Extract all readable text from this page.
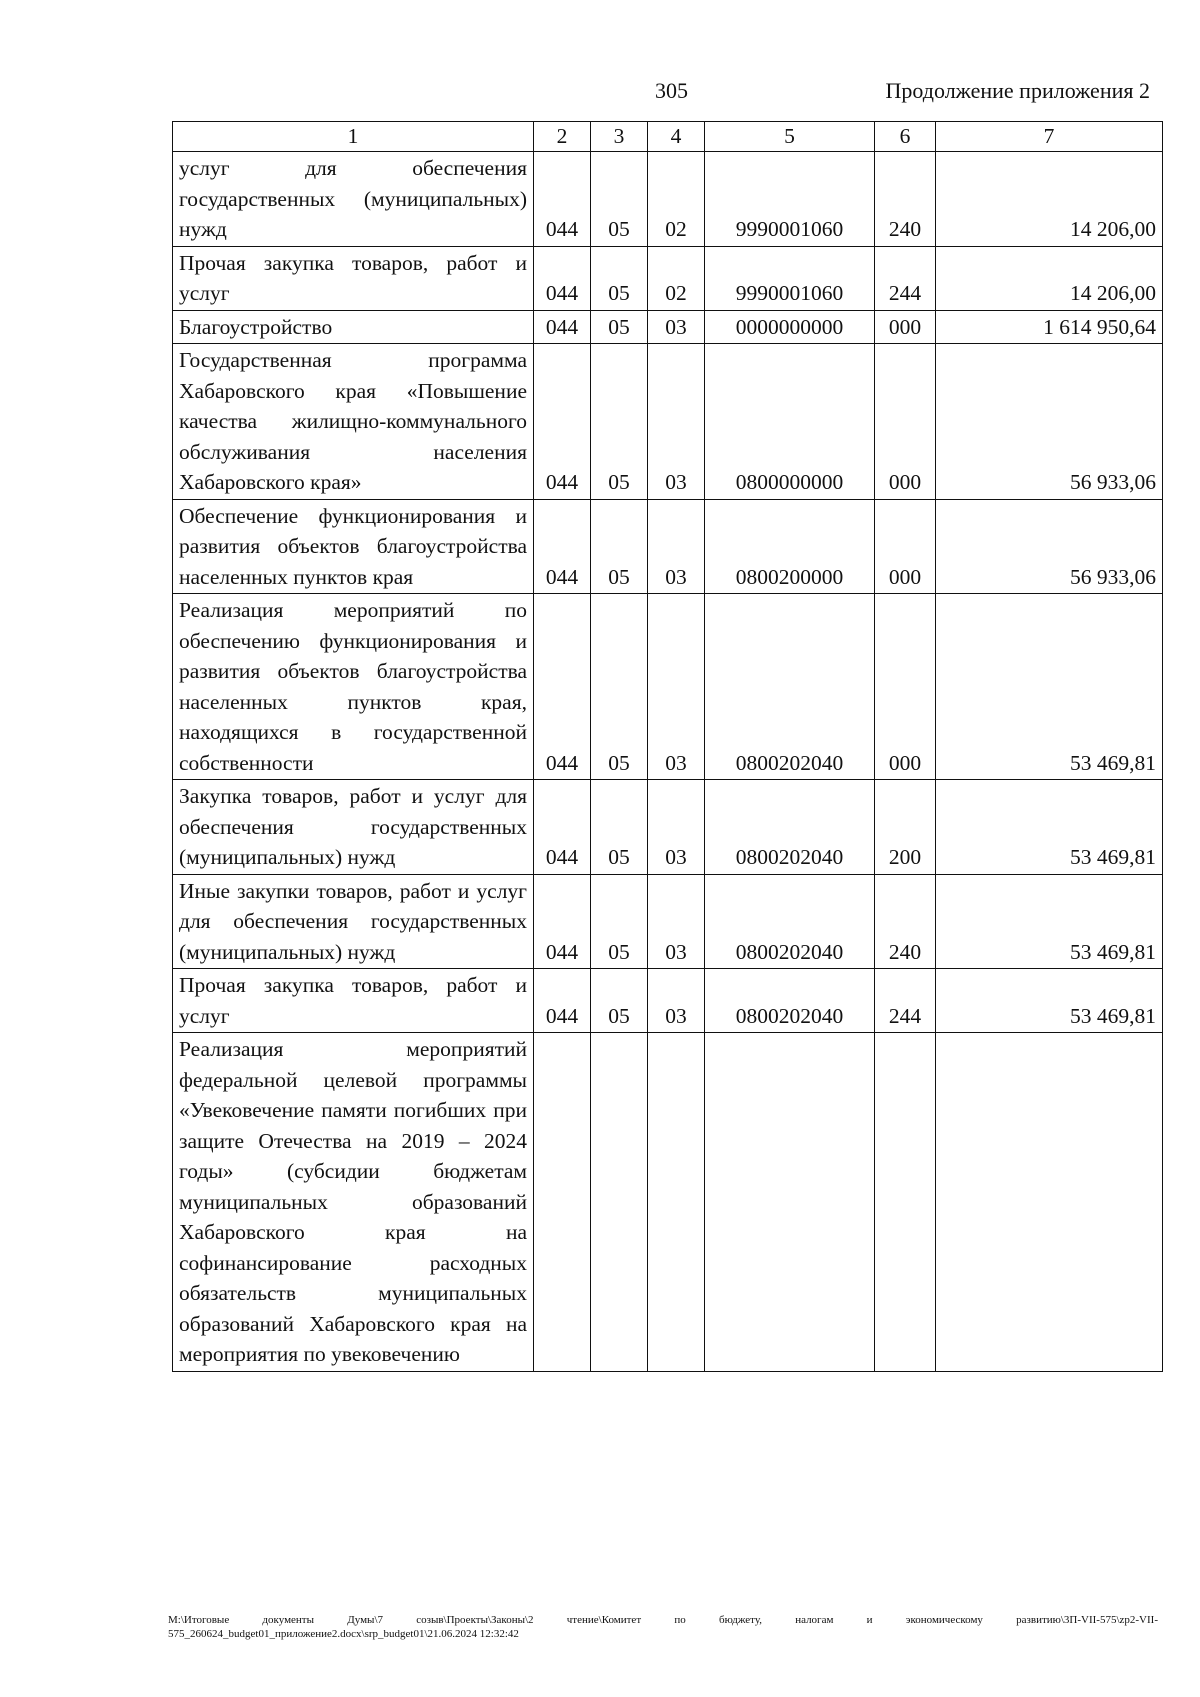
305	Продолжение приложения 2
1	2	3	4	5	6	7
услуг для обеспечения государственных (муниципальных) нужд	044	05	02	9990001060	240	14 206,00
Прочая закупка товаров, работ и услуг	044	05	02	9990001060	244	14 206,00
Благоустройство	044	05	03	0000000000	000	1 614 950,64
Государственная программа Хабаровского края «Повышение качества жилищно-коммунального обслуживания населения Хабаровского края»	044	05	03	0800000000	000	56 933,06
Обеспечение функционирования и развития объектов благоустройства населенных пунктов края	044	05	03	0800200000	000	56 933,06
Реализация мероприятий по обеспечению функционирования и развития объектов благоустройства населенных пунктов края, находящихся в государственной собственности	044	05	03	0800202040	000	53 469,81
Закупка товаров, работ и услуг для обеспечения государственных (муниципальных) нужд	044	05	03	0800202040	200	53 469,81
Иные закупки товаров, работ и услуг для обеспечения государственных (муниципальных) нужд	044	05	03	0800202040	240	53 469,81
Прочая закупка товаров, работ и услуг	044	05	03	0800202040	244	53 469,81
Реализация мероприятий федеральной целевой программы «Увековечение памяти погибших при защите Отечества на 2019 – 2024 годы» (субсидии бюджетам муниципальных образований Хабаровского края на софинансирование расходных обязательств муниципальных образований Хабаровского края на мероприятия по увековечению						
M:\Итоговые документы Думы\7 созыв\Проекты\Законы\2 чтение\Комитет по бюджету, налогам и экономическому развитию\3П-VII-575\zp2-VII-575_260624_budget01_приложение2.docx\srp_budget01\21.06.2024 12:32:42
